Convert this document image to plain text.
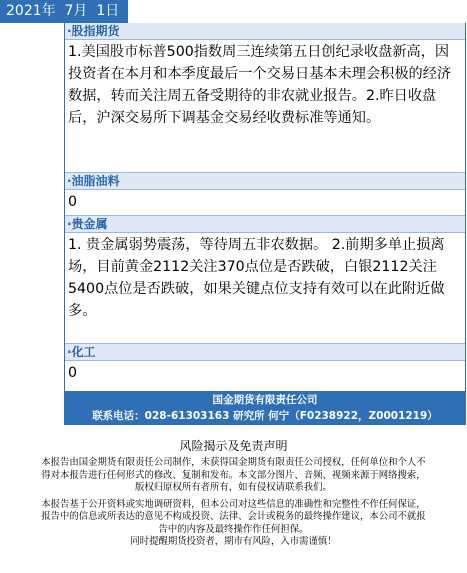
2021年  7月  1日
·股指期货
1.美国股市标普500指数周三连续第五日创纪录收盘新高，因投资者在本月和本季度最后一个交易日基本未理会积极的经济数据，转而关注周五备受期待的非农就业报告。2.昨日收盘后，沪深交易所下调基金交易经收费标准等通知。
·油脂油料
0
·贵金属
1. 贵金属弱势震荡，等待周五非农数据。 2.前期多单止损离场，目前黄金2112关注370点位是否跌破，白银2112关注5400点位是否跌破，如果关键点位支持有效可以在此附近做多。
·化工
0
国金期货有限责任公司
联系电话：028-61303163 研究所 何宁（F0238922，Z0001219）
风险揭示及免责声明
本报告由国金期货有限责任公司制作，未获得国金期货有限责任公司授权，任何单位和个人不
得对本报告进行任何形式的修改、复制和发布。本文部分图片、音频、视频来源于网络搜索，
版权归原权所有者所有，如有侵权请联系我们。
本报告基于公开资料或实地调研资料，但本公司对这些信息的准确性和完整性不作任何保证，
报告中的信息或所表达的意见不构成投资、法律、会计或税务的最终操作建议，本公司不就报
告中的内容及最终操作作任何担保。
同时提醒期货投资者，期市有风险，入市需谨慎！
